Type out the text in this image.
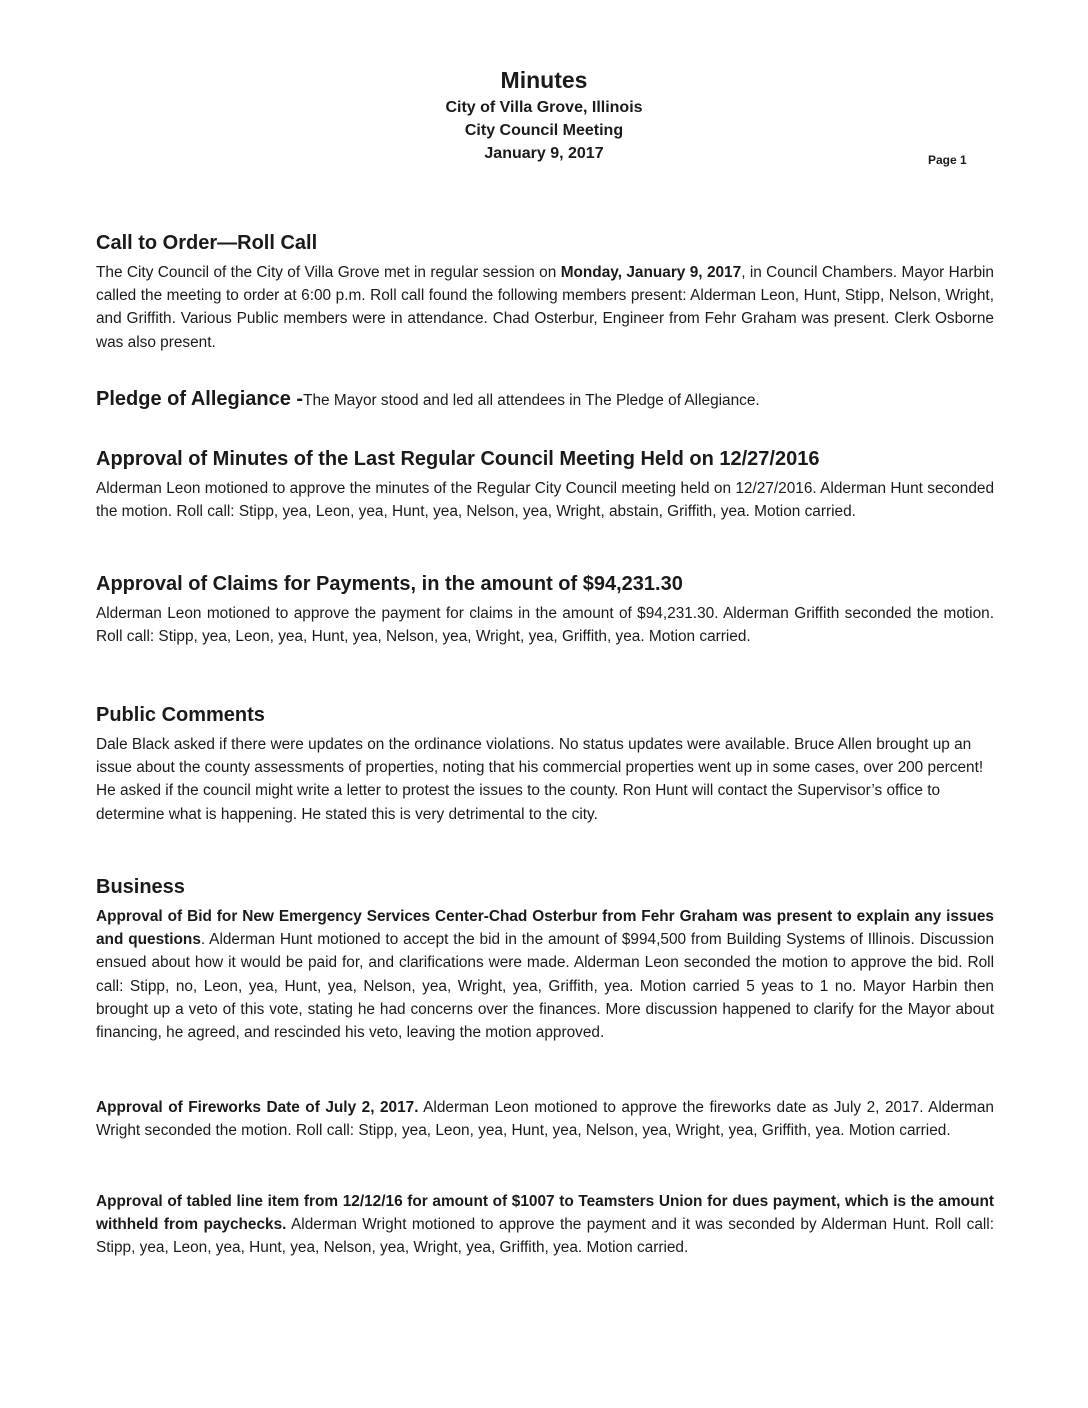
Minutes
City of Villa Grove, Illinois
City Council Meeting
January 9, 2017	Page 1
Call to Order—Roll Call

The City Council of the City of Villa Grove met in regular session on Monday, January 9, 2017, in Council Chambers. Mayor Harbin called the meeting to order at 6:00 p.m. Roll call found the following members present: Alderman Leon, Hunt, Stipp, Nelson, Wright, and Griffith. Various Public members were in attendance. Chad Osterbur, Engineer from Fehr Graham was present. Clerk Osborne was also present.

Pledge of Allegiance -The Mayor stood and led all attendees in The Pledge of Allegiance.
Approval of Minutes of the Last Regular Council Meeting Held on 12/27/2016

Alderman Leon motioned to approve the minutes of the Regular City Council meeting held on 12/27/2016. Alderman Hunt seconded the motion. Roll call: Stipp, yea, Leon, yea, Hunt, yea, Nelson, yea, Wright, abstain, Griffith, yea. Motion carried.

Approval of Claims for Payments, in the amount of $94,231.30

Alderman Leon motioned to approve the payment for claims in the amount of $94,231.30. Alderman Griffith seconded the motion. Roll call: Stipp, yea, Leon, yea, Hunt, yea, Nelson, yea, Wright, yea, Griffith, yea. Motion carried.

Public Comments

Dale Black asked if there were updates on the ordinance violations. No status updates were available. Bruce Allen brought up an issue about the county assessments of properties, noting that his commercial properties went up in some cases, over 200 percent! He asked if the council might write a letter to protest the issues to the county. Ron Hunt will contact the Supervisor’s office to determine what is happening. He stated this is very detrimental to the city.

Business

Approval of Bid for New Emergency Services Center-Chad Osterbur from Fehr Graham was present to explain any issues and questions. Alderman Hunt motioned to accept the bid in the amount of $994,500 from Building Systems of Illinois. Discussion ensued about how it would be paid for, and clarifications were made. Alderman Leon seconded the motion to approve the bid. Roll call: Stipp, no, Leon, yea, Hunt, yea, Nelson, yea, Wright, yea, Griffith, yea. Motion carried 5 yeas to 1 no. Mayor Harbin then brought up a veto of this vote, stating he had concerns over the finances. More discussion happened to clarify for the Mayor about financing, he agreed, and rescinded his veto, leaving the motion approved.

Approval of Fireworks Date of July 2, 2017. Alderman Leon motioned to approve the fireworks date as July 2, 2017. Alderman Wright seconded the motion. Roll call: Stipp, yea, Leon, yea, Hunt, yea, Nelson, yea, Wright, yea, Griffith, yea. Motion carried.

Approval of tabled line item from 12/12/16 for amount of $1007 to Teamsters Union for dues payment, which is the amount withheld from paychecks. Alderman Wright motioned to approve the payment and it was seconded by Alderman Hunt. Roll call: Stipp, yea, Leon, yea, Hunt, yea, Nelson, yea, Wright, yea, Griffith, yea. Motion carried.
